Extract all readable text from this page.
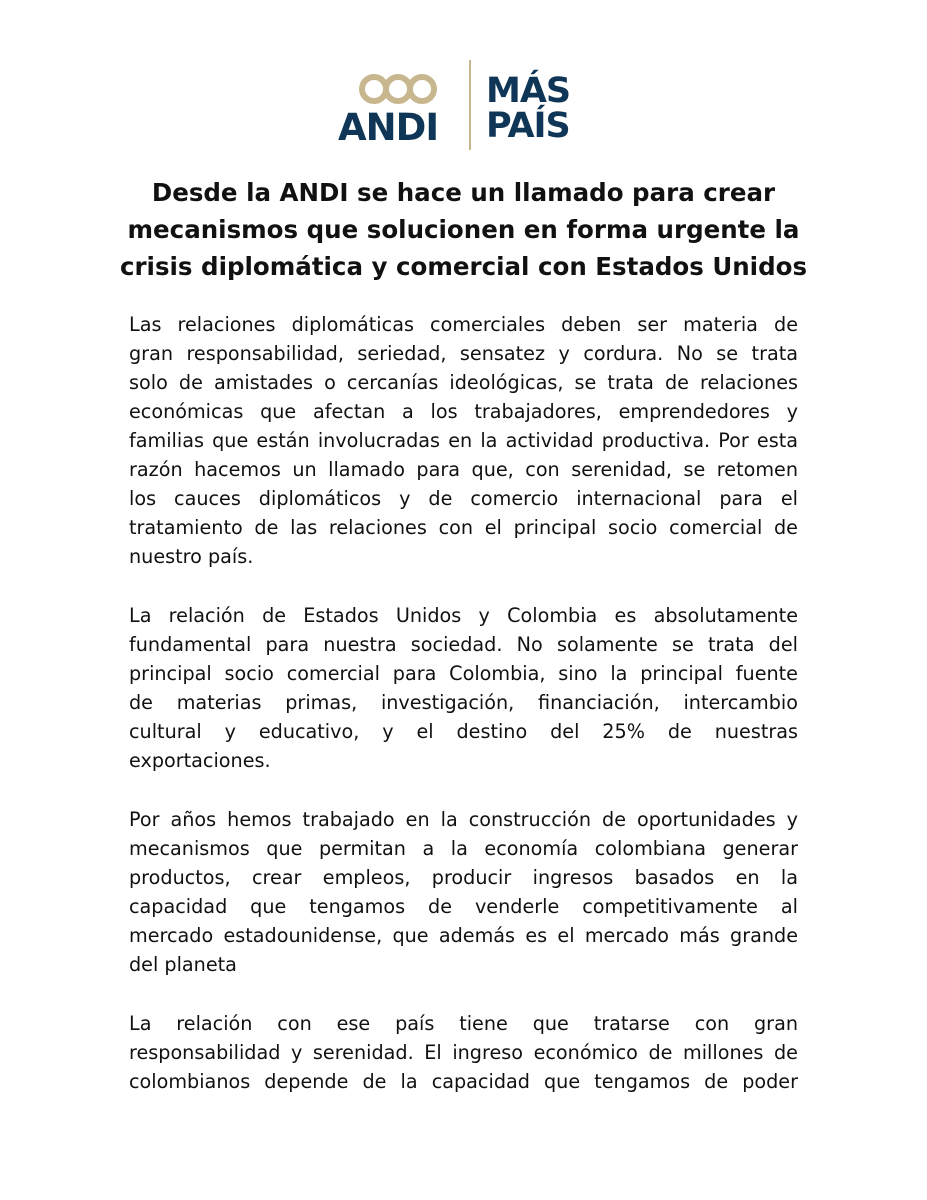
ANDI
MÁS
PAÍS
Desde la ANDI se hace un llamado para crear
mecanismos que solucionen en forma urgente la
crisis diplomática y comercial con Estados Unidos

Las relaciones diplomáticas comerciales deben ser materia de
gran responsabilidad, seriedad, sensatez y cordura. No se trata
solo de amistades o cercanías ideológicas, se trata de relaciones
económicas que afectan a los trabajadores, emprendedores y
familias que están involucradas en la actividad productiva. Por esta
razón hacemos un llamado para que, con serenidad, se retomen
los cauces diplomáticos y de comercio internacional para el
tratamiento de las relaciones con el principal socio comercial de
nuestro país.

La relación de Estados Unidos y Colombia es absolutamente
fundamental para nuestra sociedad. No solamente se trata del
principal socio comercial para Colombia, sino la principal fuente
de materias primas, investigación, financiación, intercambio
cultural y educativo, y el destino del 25% de nuestras
exportaciones.

Por años hemos trabajado en la construcción de oportunidades y
mecanismos que permitan a la economía colombiana generar
productos, crear empleos, producir ingresos basados en la
capacidad que tengamos de venderle competitivamente al
mercado estadounidense, que además es el mercado más grande
del planeta

La relación con ese país tiene que tratarse con gran
responsabilidad y serenidad. El ingreso económico de millones de
colombianos depende de la capacidad que tengamos de poder
